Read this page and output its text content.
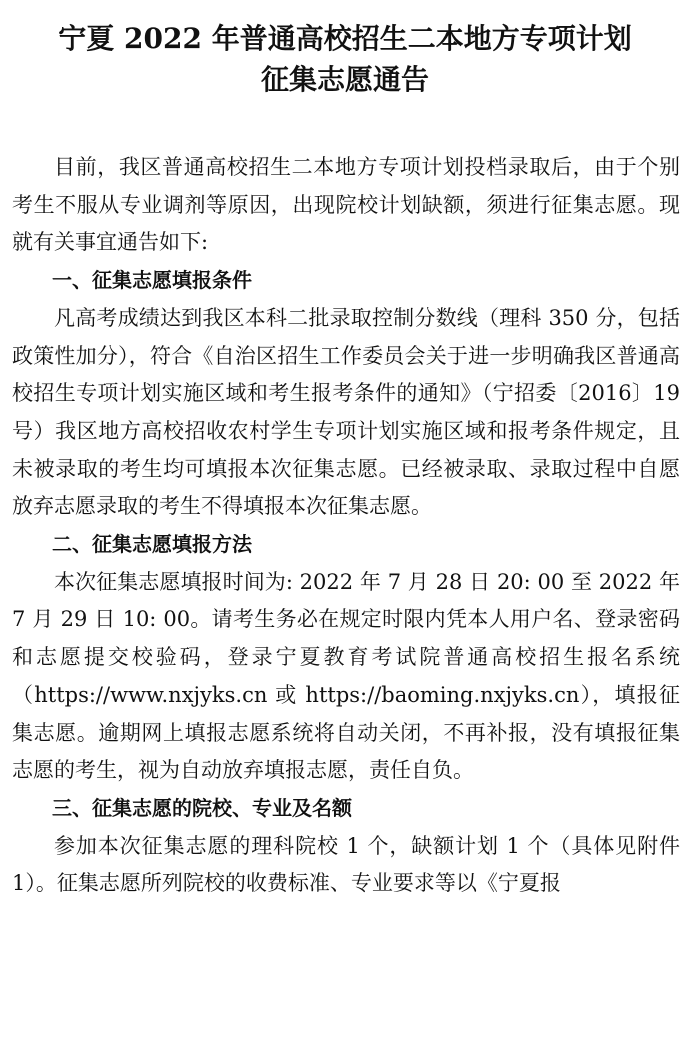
宁夏 2022 年普通高校招生二本地方专项计划
征集志愿通告

目前，我区普通高校招生二本地方专项计划投档录取后，由于个别考生不服从专业调剂等原因，出现院校计划缺额，须进行征集志愿。现就有关事宜通告如下:

一、征集志愿填报条件

凡高考成绩达到我区本科二批录取控制分数线（理科 350 分，包括政策性加分），符合《自治区招生工作委员会关于进一步明确我区普通高校招生专项计划实施区域和考生报考条件的通知》（宁招委〔2016〕19 号）我区地方高校招收农村学生专项计划实施区域和报考条件规定，且未被录取的考生均可填报本次征集志愿。已经被录取、录取过程中自愿放弃志愿录取的考生不得填报本次征集志愿。

二、征集志愿填报方法

本次征集志愿填报时间为: 2022 年 7 月 28 日 20: 00 至 2022 年 7 月 29 日 10: 00。请考生务必在规定时限内凭本人用户名、登录密码和志愿提交校验码，登录宁夏教育考试院普通高校招生报名系统（https://www.nxjyks.cn 或 https://baoming.nxjyks.cn），填报征集志愿。逾期网上填报志愿系统将自动关闭，不再补报，没有填报征集志愿的考生，视为自动放弃填报志愿，责任自负。

三、征集志愿的院校、专业及名额

参加本次征集志愿的理科院校 1 个，缺额计划 1 个（具体见附件 1）。征集志愿所列院校的收费标准、专业要求等以《宁夏报
